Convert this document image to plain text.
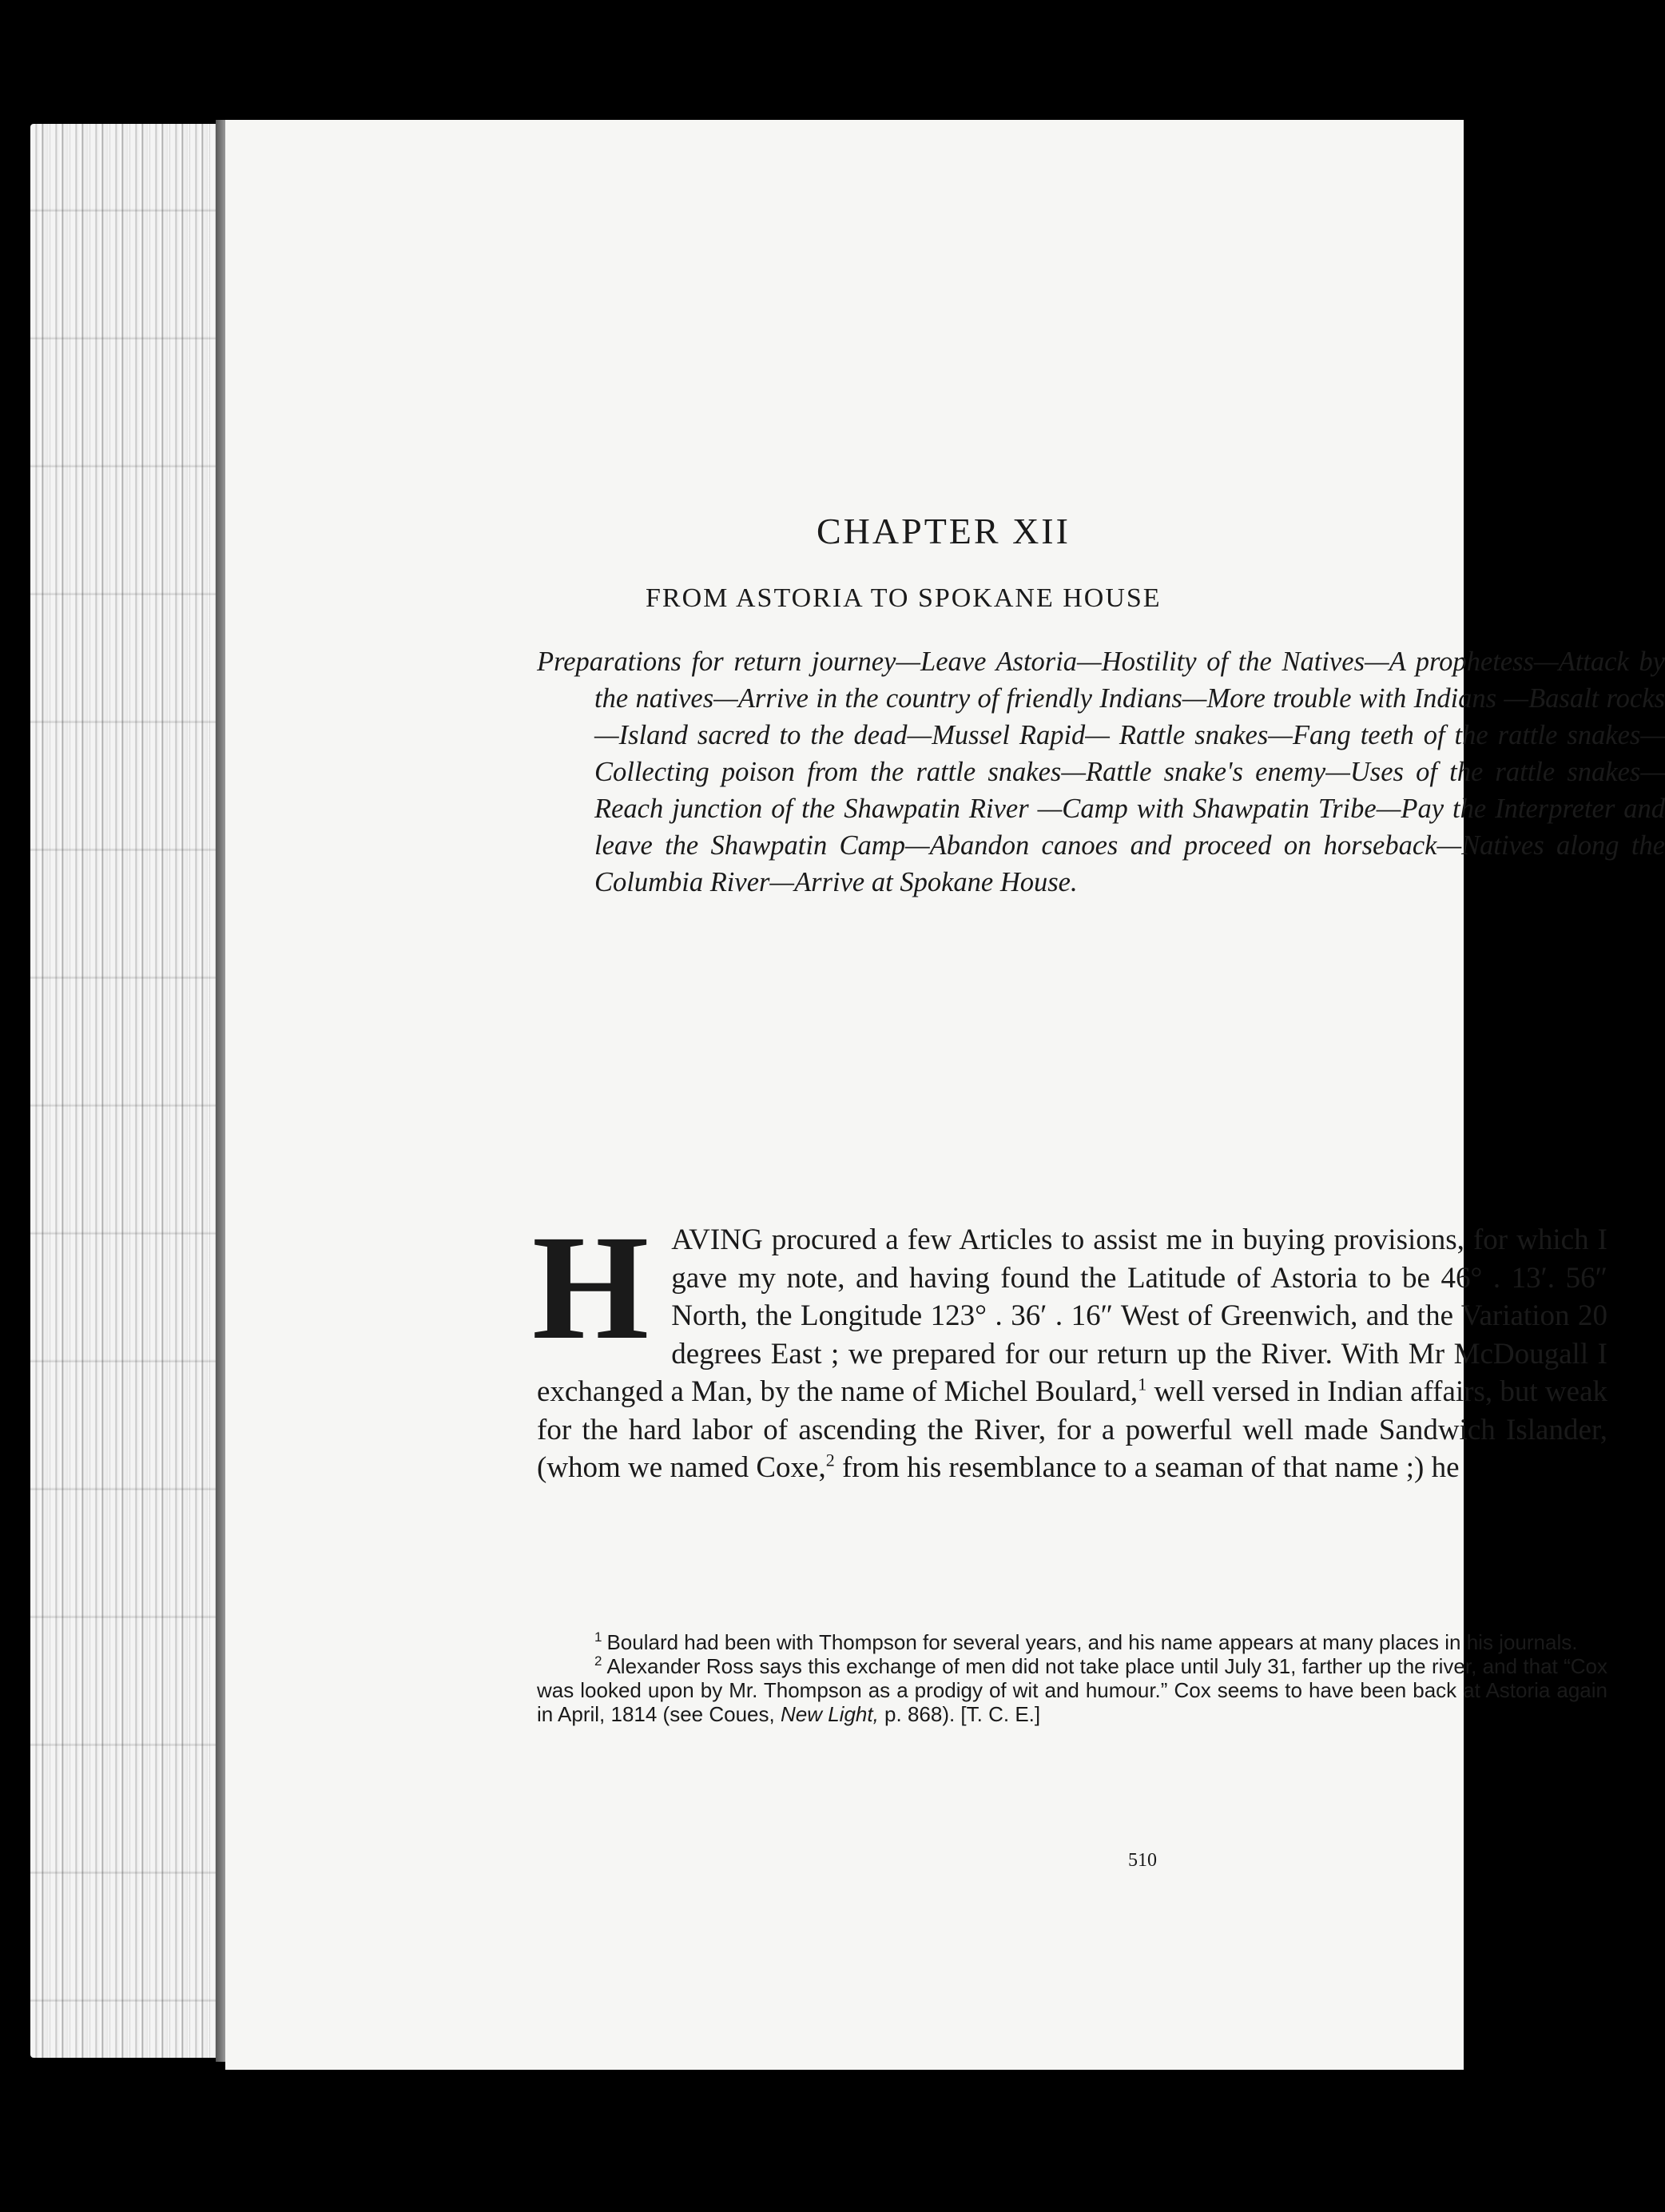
CHAPTER XII
FROM ASTORIA TO SPOKANE HOUSE

Preparations for return journey—Leave Astoria—Hostility of the Natives—A prophetess—Attack by the natives—Arrive in the country of friendly Indians—More trouble with Indians —Basalt rocks—Island sacred to the dead—Mussel Rapid— Rattle snakes—Fang teeth of the rattle snakes—Collecting poison from the rattle snakes—Rattle snake's enemy—Uses of the rattle snakes—Reach junction of the Shawpatin River —Camp with Shawpatin Tribe—Pay the Interpreter and leave the Shawpatin Camp—Abandon canoes and proceed on horseback—Natives along the Columbia River—Arrive at Spokane House.

HAVING procured a few Articles to assist me in buying provisions, for which I gave my note, and having found the Latitude of Astoria to be 46° . 13′. 56″ North, the Longitude 123° . 36′ . 16″ West of Greenwich, and the Variation 20 degrees East ; we prepared for our return up the River. With Mr McDougall I exchanged a Man, by the name of Michel Boulard,$^1$ well versed in Indian affairs, but weak for the hard labor of ascending the River, for a powerful well made Sandwich Islander, (whom we named Coxe,$^2$ from his resemblance to a seaman of that name ;) he

$^1$ Boulard had been with Thompson for several years, and his name appears at many places in his journals.

$^2$ Alexander Ross says this exchange of men did not take place until July 31, farther up the river, and that “Cox was looked upon by Mr. Thompson as a prodigy of wit and humour.” Cox seems to have been back at Astoria again in April, 1814 (see Coues, New Light, p. 868). [T. C. E.]

510
